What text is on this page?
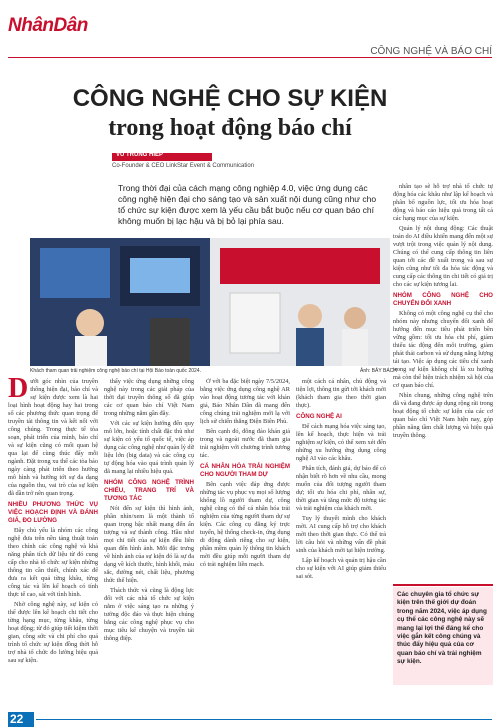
NhânDân
CÔNG NGHỆ VÀ BÁO CHÍ
CÔNG NGHỆ CHO SỰ KIỆN
trong hoạt động báo chí
VŨ TRUNG HIẾP
Co-Founder & CEO LinkStar Event & Communication
Trong thời đại của cách mạng công nghiệp 4.0, việc ứng dụng các công nghệ hiện đại cho sáng tạo và sản xuất nội dung cũng như cho tổ chức sự kiện được xem là yếu cầu bắt buộc nếu cơ quan báo chí không muốn bị lạc hậu và bị bỏ lại phía sau.
Khách tham quan trải nghiệm công nghệ báo chí tại Hội Báo toàn quốc 2024.	Ảnh: BẢY BÁCH

Dưới góc nhìn của truyền thông hiện đại, báo chí và sự kiện được xem là hai loại hình hoạt động hay hai trong số các phương thức quan trọng để truyền tải thông tin và kết nối với công chúng. Trong thực tế tòa soạn, phát triển của mình, báo chí và sự kiện cũng có mối quan hệ qua lại để cùng thúc đẩy mỗi ngành. Đặt trong xu thế các tòa báo ngày càng phát triển theo hướng mô hình và hướng tới sự đa dạng của nguồn thu, vai trò của sự kiện đã dần trở nên quan trọng.

NHIỀU PHƯƠNG THỨC VỤ VIỆC HOẠCH ĐỊNH VÀ ĐÁNH GIÁ, ĐO LƯỜNG

Đây chủ yếu là nhóm các công nghệ đưa trên nền tảng thuật toán theo chính các công nghệ và khả năng phân tích dữ liệu từ đó cung cấp cho nhà tổ chức sự kiện những thông tin cần thiết, chính xác để đưa ra kết quả từng khâu, từng công tác và lên kế hoạch có tính thực tế cao, sát với tình hình.

Nhờ công nghệ này, sự kiện có thể được lên kế hoạch chi tiết cho từng hạng mục, từng khâu, từng hoạt động; từ đó giúp tiết kiệm thời gian, công sức và chi phí cho quá trình tổ chức sự kiện đồng thời hỗ trợ nhà tổ chức đo lường hiệu quả sau sự kiện.

thấy việc ứng dụng những công nghệ này trong các giải pháp của thời đại truyền thông số đã giúp các cơ quan báo chí Việt Nam trong những năm gần đây.

Với các sự kiện hướng đến quy mô lớn, hoặc tính chất đặc thù như sự kiện có yếu tố quốc tế, việc áp dụng các công nghệ như quản lý dữ liệu lớn (big data) và các công cụ tự động hóa vào quá trình quản lý đã mang lại nhiều hiệu quả.

NHÓM CÔNG NGHỆ TRÌNH CHIẾU, TRANG TRÍ VÀ TƯƠNG TÁC

Nói đến sự kiện thì hình ảnh, phần nhìn/xem là một thành tố quan trọng bậc nhất mang đến ấn tượng và sự thành công. Hầu như mọi chi tiết của sự kiện đều liên quan đến hình ảnh. Mỗi đặc trưng về hình ảnh của sự kiện đó là sự đa dạng về kích thước, hình khối, màu sắc, đường nét, chất liệu, phương thức thể hiện.

Thách thức và cũng là động lực đối với các nhà tổ chức sự kiện nằm ở việc sáng tạo ra những ý tưởng độc đáo và thực hiện chúng bằng các công nghệ phục vụ cho mục tiêu kể chuyện và truyền tải thông điệp.

Ở với ba đặc biệt ngày 7/5/2024, bằng việc ứng dụng công nghệ AR vào hoạt động tương tác với khán giả, Báo Nhân Dân đã mang đến công chúng trải nghiệm mới lạ với lịch sử chiến thắng Điện Biên Phủ.

Bên cạnh đó, đông đảo khán giả trong và ngoài nước đã tham gia trải nghiệm với chương trình tương tác.

CÁ NHÂN HÓA TRẢI NGHIỆM CHO NGƯỜI THAM DỰ

Bên cạnh việc đáp ứng được những tác vụ phục vụ mọi số lượng khổng lồ người tham dự, công nghệ cũng có thể cá nhân hóa trải nghiệm của từng người tham dự sự kiện. Các công cụ đăng ký trực tuyến, hệ thống check-in, ứng dụng di động dành riêng cho sự kiện, phần mềm quản lý thông tin khách mời đều giúp mỗi người tham dự có trải nghiệm liền mạch.

một cách cá nhân, chủ động và tiện lợi, thông tin gửi tới khách mời (khách tham gia theo thời gian thực).

CÔNG NGHỆ AI

Để cách mạng hóa việc sáng tạo, lên kế hoạch, thực hiện và trải nghiệm sự kiện, có thể xem xét đến những xu hướng ứng dụng công nghệ AI vào các khâu.

Phân tích, đánh giá, dự báo để có nhận biết rõ hơn về nhu cầu, mong muốn của đối tượng người tham dự; tối ưu hóa chi phí, nhân sự, thời gian và tăng mức độ tương tác và trải nghiệm của khách mời.

Tuy lý thuyết mình cho khách mời. AI cung cấp hỗ trợ cho khách mời theo thời gian thực. Có thể trả lời câu hỏi và những vấn đề phát sinh của khách mời tại hiện trường.

Lập kế hoạch và quản trị hậu cần cho sự kiện với AI giúp giảm thiểu sai sót.

nhân tạo sẽ hỗ trợ nhà tổ chức tự động hóa các khâu như lập kế hoạch và phân bổ nguồn lực, tối ưu hóa hoạt động và báo cáo hiệu quả trong tất cả các hạng mục của sự kiện.

Quản lý nội dung động: Các thuật toán do AI điều khiển mang đến một sự vượt trội trong việc quản lý nội dung. Chúng có thể cung cấp thông tin liên quan tới các đề xuất trong và sau sự kiện cũng như tối đa hóa tác động và cung cấp các thông tin chi tiết có giá trị cho các sự kiện tương lai.

NHÓM CÔNG NGHỆ CHO CHUYỂN ĐỔI XANH

Không có một công nghệ cụ thể cho nhóm này nhưng chuyển đổi xanh để hướng đến mục tiêu phát triển bền vững gồm: tối ưu hóa chi phí, giảm thiểu tác động đến môi trường, giảm phát thải carbon và sử dụng năng lượng tái tạo. Việc áp dụng các tiêu chí xanh trong sự kiện không chỉ là xu hướng mà còn thể hiện trách nhiệm xã hội của cơ quan báo chí.

Nhìn chung, những công nghệ trên đã và đang được áp dụng rộng rãi trong hoạt động tổ chức sự kiện của các cơ quan báo chí Việt Nam hiện nay, góp phần nâng tầm chất lượng và hiệu quả truyền thông.

Các chuyên gia tổ chức sự kiện trên thế giới dự đoán trong năm 2024, việc áp dụng cụ thể các công nghệ này sẽ mang lại lợi thế đáng kể cho việc gắn kết công chúng và thúc đẩy hiệu quả của cơ quan báo chí và trải nghiệm sự kiện.
22
